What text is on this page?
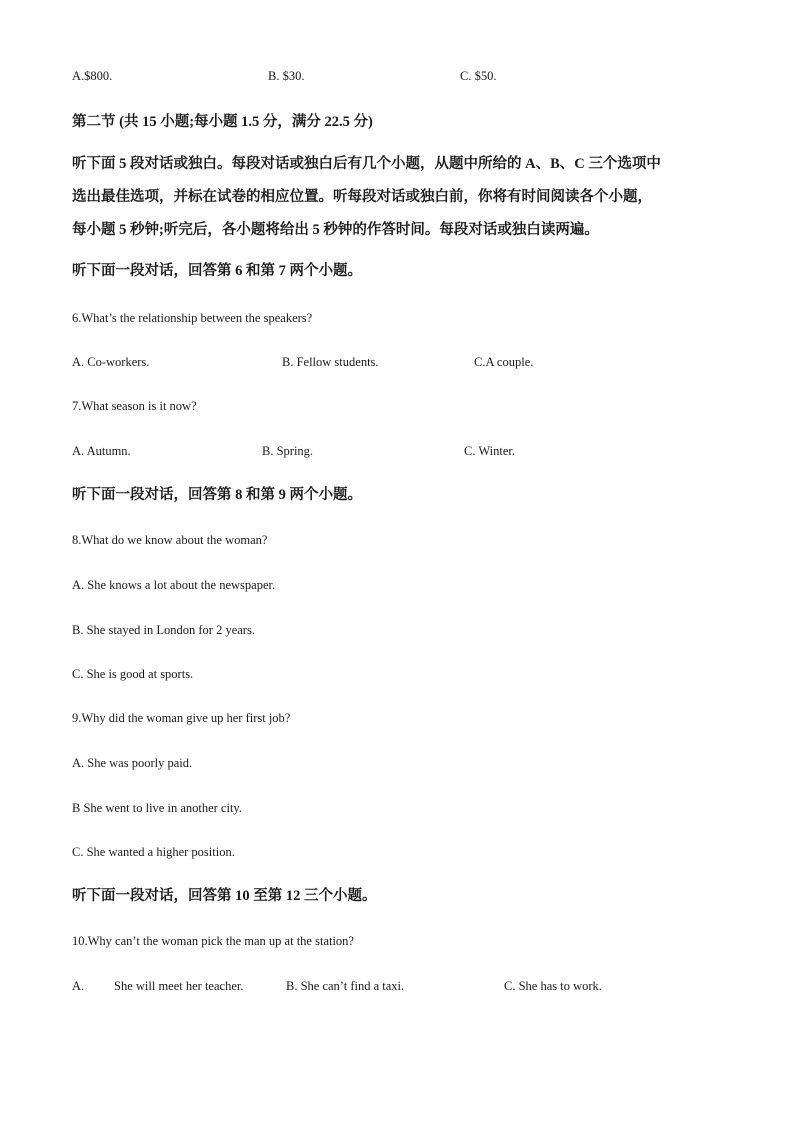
A.$800.	B. $30.	C. $50.
第二节 (共 15 小题;每小题 1.5 分，满分 22.5 分)
听下面 5 段对话或独白。每段对话或独白后有几个小题，从题中所给的 A、B、C 三个选项中
选出最佳选项，并标在试卷的相应位置。听每段对话或独白前，你将有时间阅读各个小题，
每小题 5 秒钟;听完后，各小题将给出 5 秒钟的作答时间。每段对话或独白读两遍。
听下面一段对话，回答第 6 和第 7 两个小题。
6.What’s the relationship between the speakers?
A. Co-workers.	B. Fellow students.	C.A couple.
7.What season is it now?
A. Autumn.	B. Spring.	C. Winter.
听下面一段对话，回答第 8 和第 9 两个小题。
8.What do we know about the woman?
A. She knows a lot about the newspaper.
B. She stayed in London for 2 years.
C. She is good at sports.
9.Why did the woman give up her first job?
A. She was poorly paid.
B She went to live in another city.
C. She wanted a higher position.
听下面一段对话，回答第 10 至第 12 三个小题。
10.Why can’t the woman pick the man up at the station?
A. She will meet her teacher.	B. She can’t find a taxi.	C. She has to work.
